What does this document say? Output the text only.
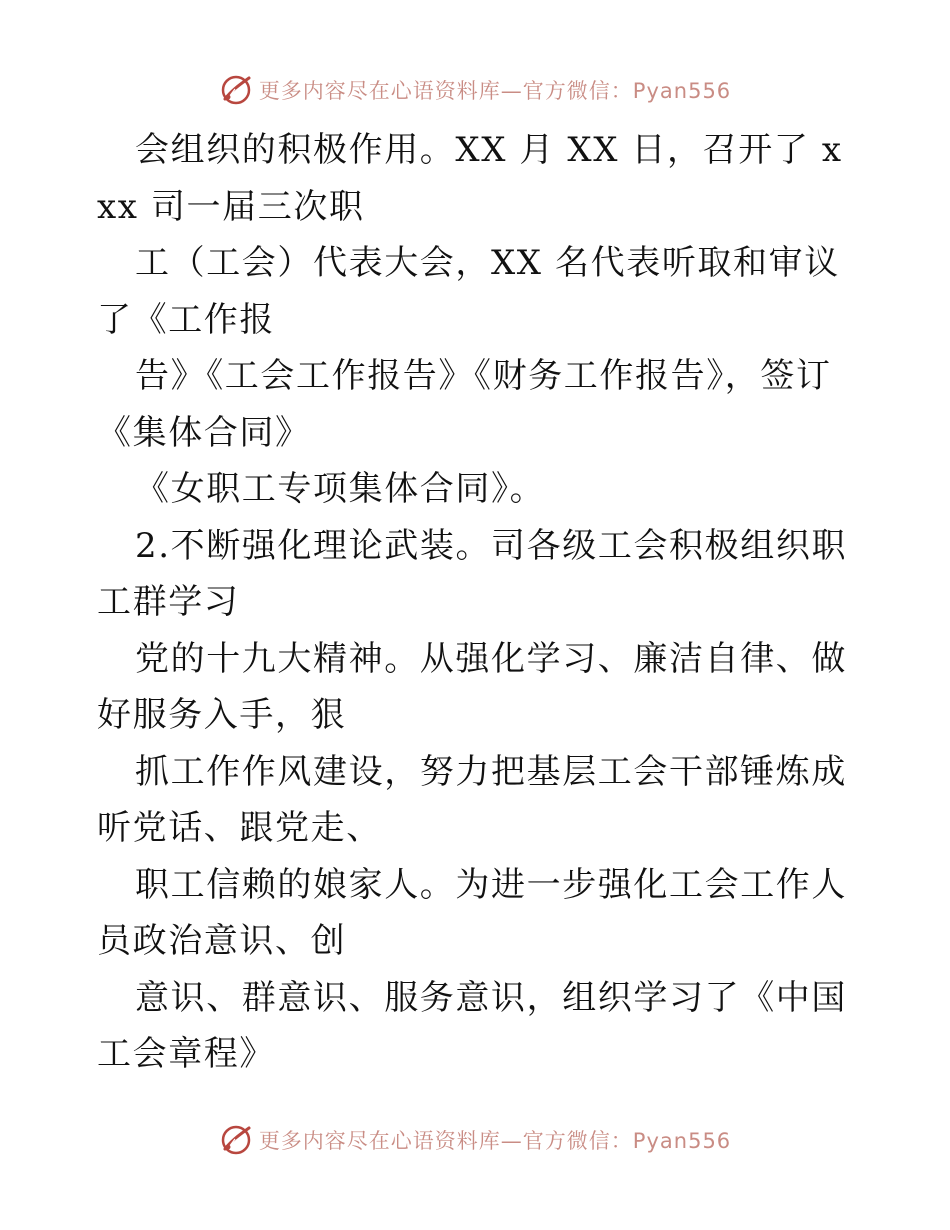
更多内容尽在心语资料库—官方微信：Pyan556

会组织的积极作用。XX 月 XX 日，召开了 xxx 司一届三次职

工（工会）代表大会，XX 名代表听取和审议了《工作报

告》《工会工作报告》《财务工作报告》，签订《集体合同》

《女职工专项集体合同》。

2.不断强化理论武装。司各级工会积极组织职工群学习

党的十九大精神。从强化学习、廉洁自律、做好服务入手，狠

抓工作作风建设，努力把基层工会干部锤炼成听党话、跟党走、

职工信赖的娘家人。为进一步强化工会工作人员政治意识、创

意识、群意识、服务意识，组织学习了《中国工会章程》

更多内容尽在心语资料库—官方微信：Pyan556
